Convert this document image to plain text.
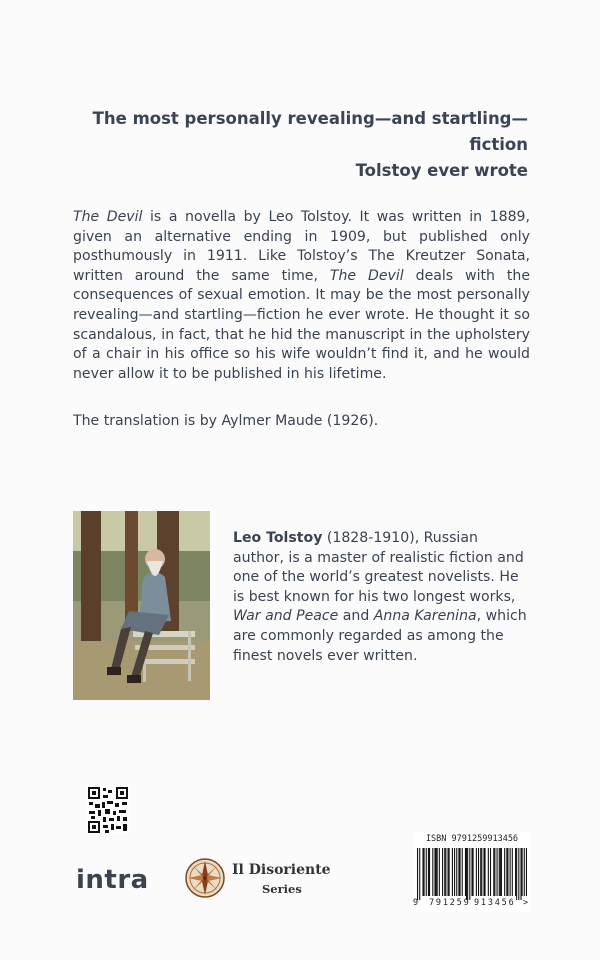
The most personally revealing—and startling—fiction
Tolstoy ever wrote

The Devil is a novella by Leo Tolstoy. It was written in 1889, given an alternative ending in 1909, but published only posthumously in 1911. Like Tolstoy’s The Kreutzer Sonata, written around the same time, The Devil deals with the consequences of sexual emotion. It may be the most personally revealing—and startling—fiction he ever wrote. He thought it so scandalous, in fact, that he hid the manuscript in the upholstery of a chair in his office so his wife wouldn’t find it, and he would never allow it to be published in his lifetime.

The translation is by Aylmer Maude (1926).

Leo Tolstoy (1828-1910), Russian author, is a master of realistic fiction and one of the world’s greatest novelists. He is best known for his two longest works, War and Peace and Anna Karenina, which are commonly regarded as among the finest novels ever written.

intra	Il Disoriente
Series
ISBN 9791259913456
9 791259 913456 >
